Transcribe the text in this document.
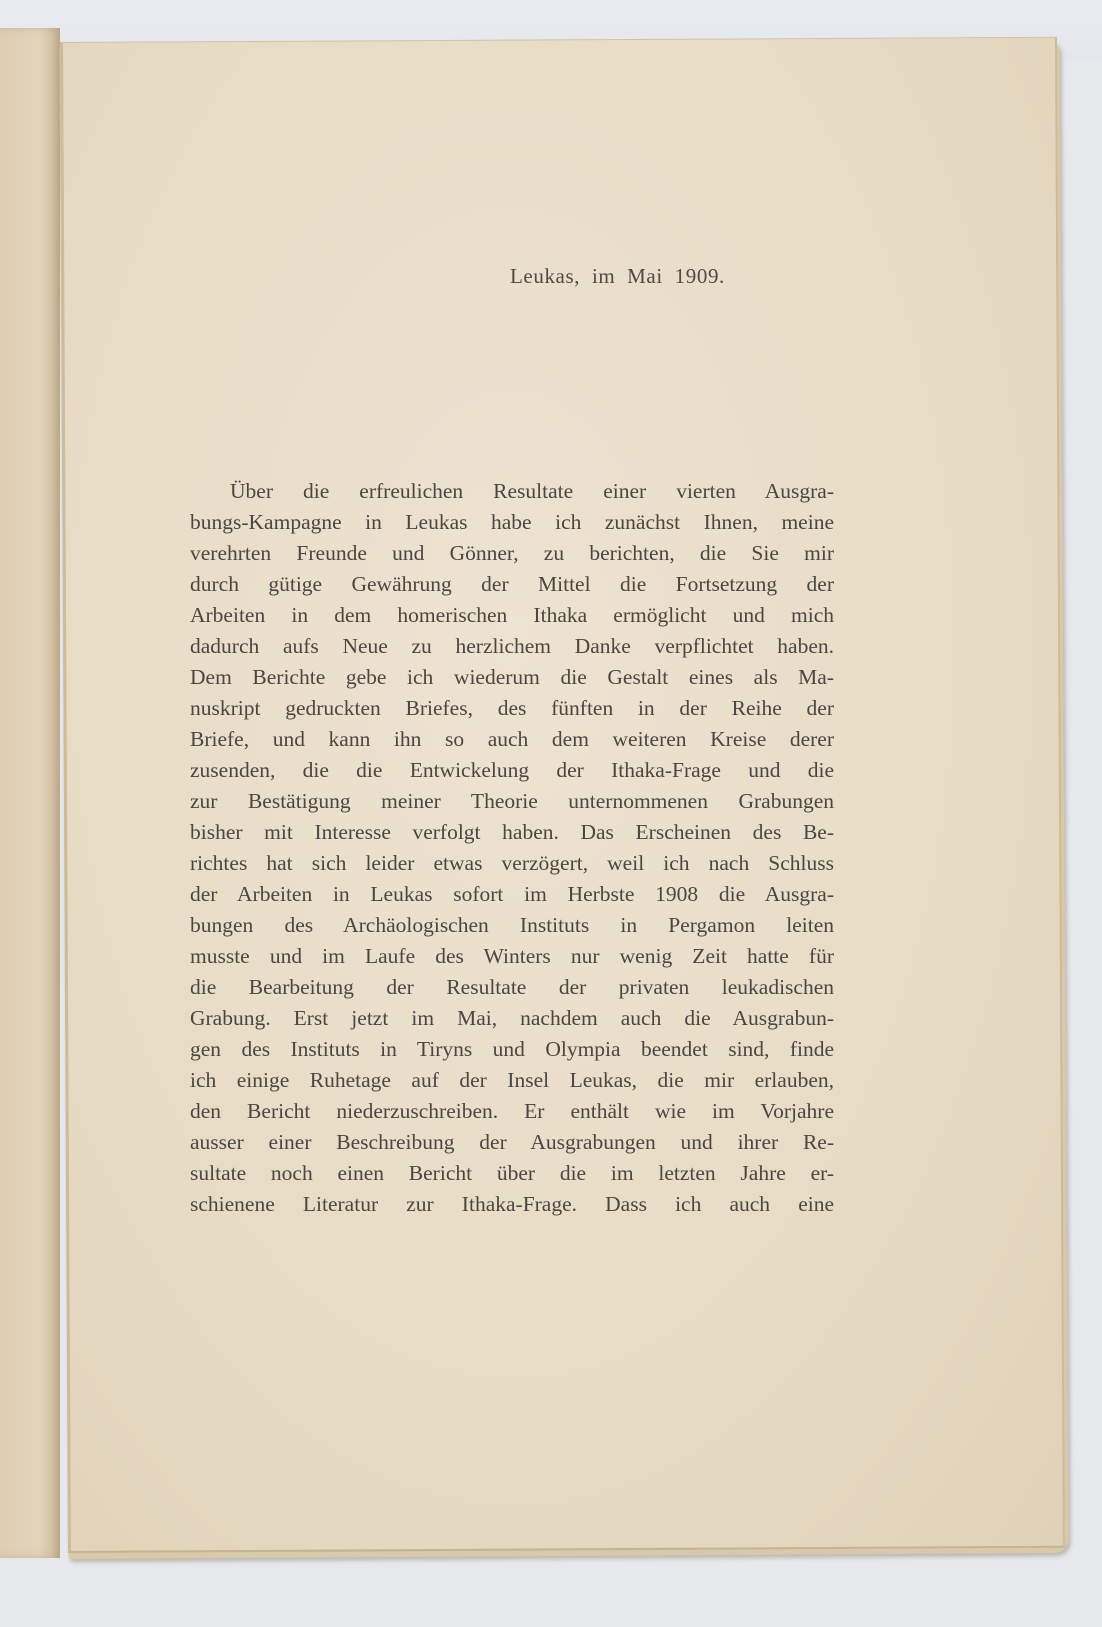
Leukas, im Mai 1909.
Über die erfreulichen Resultate einer vierten Ausgra-
bungs-Kampagne in Leukas habe ich zunächst Ihnen, meine
verehrten Freunde und Gönner, zu berichten, die Sie mir
durch gütige Gewährung der Mittel die Fortsetzung der
Arbeiten in dem homerischen Ithaka ermöglicht und mich
dadurch aufs Neue zu herzlichem Danke verpflichtet haben.
Dem Berichte gebe ich wiederum die Gestalt eines als Ma-
nuskript gedruckten Briefes, des fünften in der Reihe der
Briefe, und kann ihn so auch dem weiteren Kreise derer
zusenden, die die Entwickelung der Ithaka-Frage und die
zur Bestätigung meiner Theorie unternommenen Grabungen
bisher mit Interesse verfolgt haben. Das Erscheinen des Be-
richtes hat sich leider etwas verzögert, weil ich nach Schluss
der Arbeiten in Leukas sofort im Herbste 1908 die Ausgra-
bungen des Archäologischen Instituts in Pergamon leiten
musste und im Laufe des Winters nur wenig Zeit hatte für
die Bearbeitung der Resultate der privaten leukadischen
Grabung. Erst jetzt im Mai, nachdem auch die Ausgrabun-
gen des Instituts in Tiryns und Olympia beendet sind, finde
ich einige Ruhetage auf der Insel Leukas, die mir erlauben,
den Bericht niederzuschreiben. Er enthält wie im Vorjahre
ausser einer Beschreibung der Ausgrabungen und ihrer Re-
sultate noch einen Bericht über die im letzten Jahre er-
schienene Literatur zur Ithaka-Frage. Dass ich auch eine
